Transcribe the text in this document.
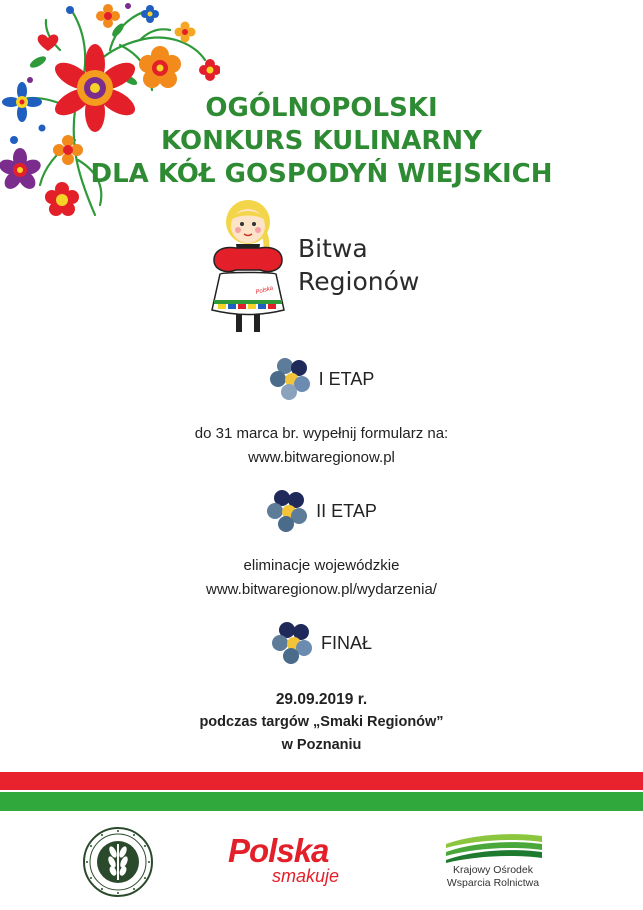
OGÓLNOPOLSKI
KONKURS KULINARNY
DLA KÓŁ GOSPODYŃ WIEJSKICH
Polska
Bitwa
Regionów
I ETAP
do 31 marca br. wypełnij formularz na:
www.bitwaregionow.pl
II ETAP
eliminacje wojewódzkie
www.bitwaregionow.pl/wydarzenia/
FINAŁ
29.09.2019 r.
podczas targów „Smaki Regionów”
w Poznaniu
Polska
smakuje	Krajowy Ośrodek
Wsparcia Rolnictwa
